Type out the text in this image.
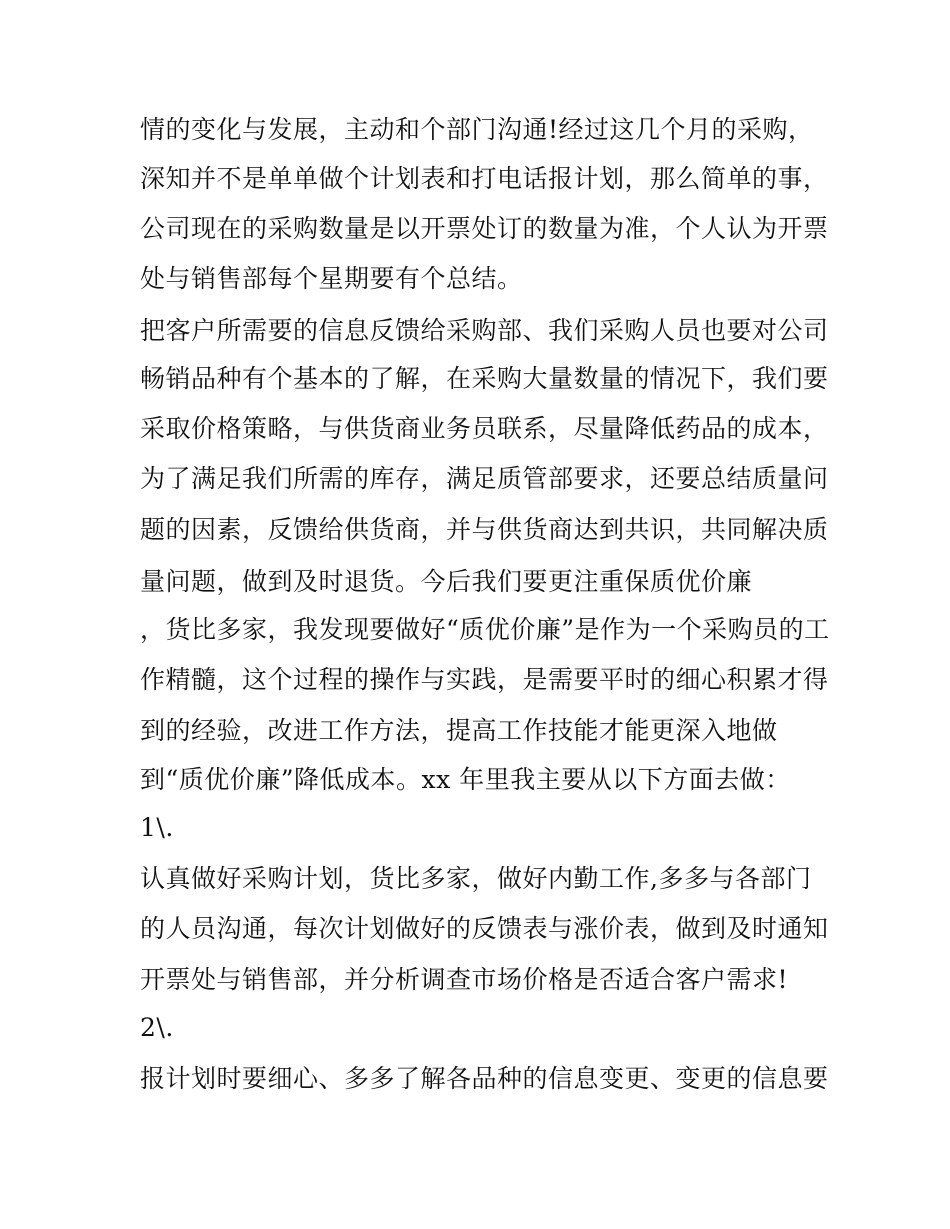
情的变化与发展，主动和个部门沟通!经过这几个月的采购，
深知并不是单单做个计划表和打电话报计划，那么简单的事，
公司现在的采购数量是以开票处订的数量为准，个人认为开票
处与销售部每个星期要有个总结。
把客户所需要的信息反馈给采购部、我们采购人员也要对公司
畅销品种有个基本的了解，在采购大量数量的情况下，我们要
采取价格策略，与供货商业务员联系，尽量降低药品的成本，
为了满足我们所需的库存，满足质管部要求，还要总结质量问
题的因素，反馈给供货商，并与供货商达到共识，共同解决质
量问题，做到及时退货。今后我们要更注重保质优价廉
，货比多家，我发现要做好“质优价廉”是作为一个采购员的工
作精髓，这个过程的操作与实践，是需要平时的细心积累才得
到的经验，改进工作方法，提高工作技能才能更深入地做
到“质优价廉”降低成本。xx 年里我主要从以下方面去做：
1\.
认真做好采购计划，货比多家，做好内勤工作,多多与各部门
的人员沟通，每次计划做好的反馈表与涨价表，做到及时通知
开票处与销售部，并分析调查市场价格是否适合客户需求!
2\.
报计划时要细心、多多了解各品种的信息变更、变更的信息要
